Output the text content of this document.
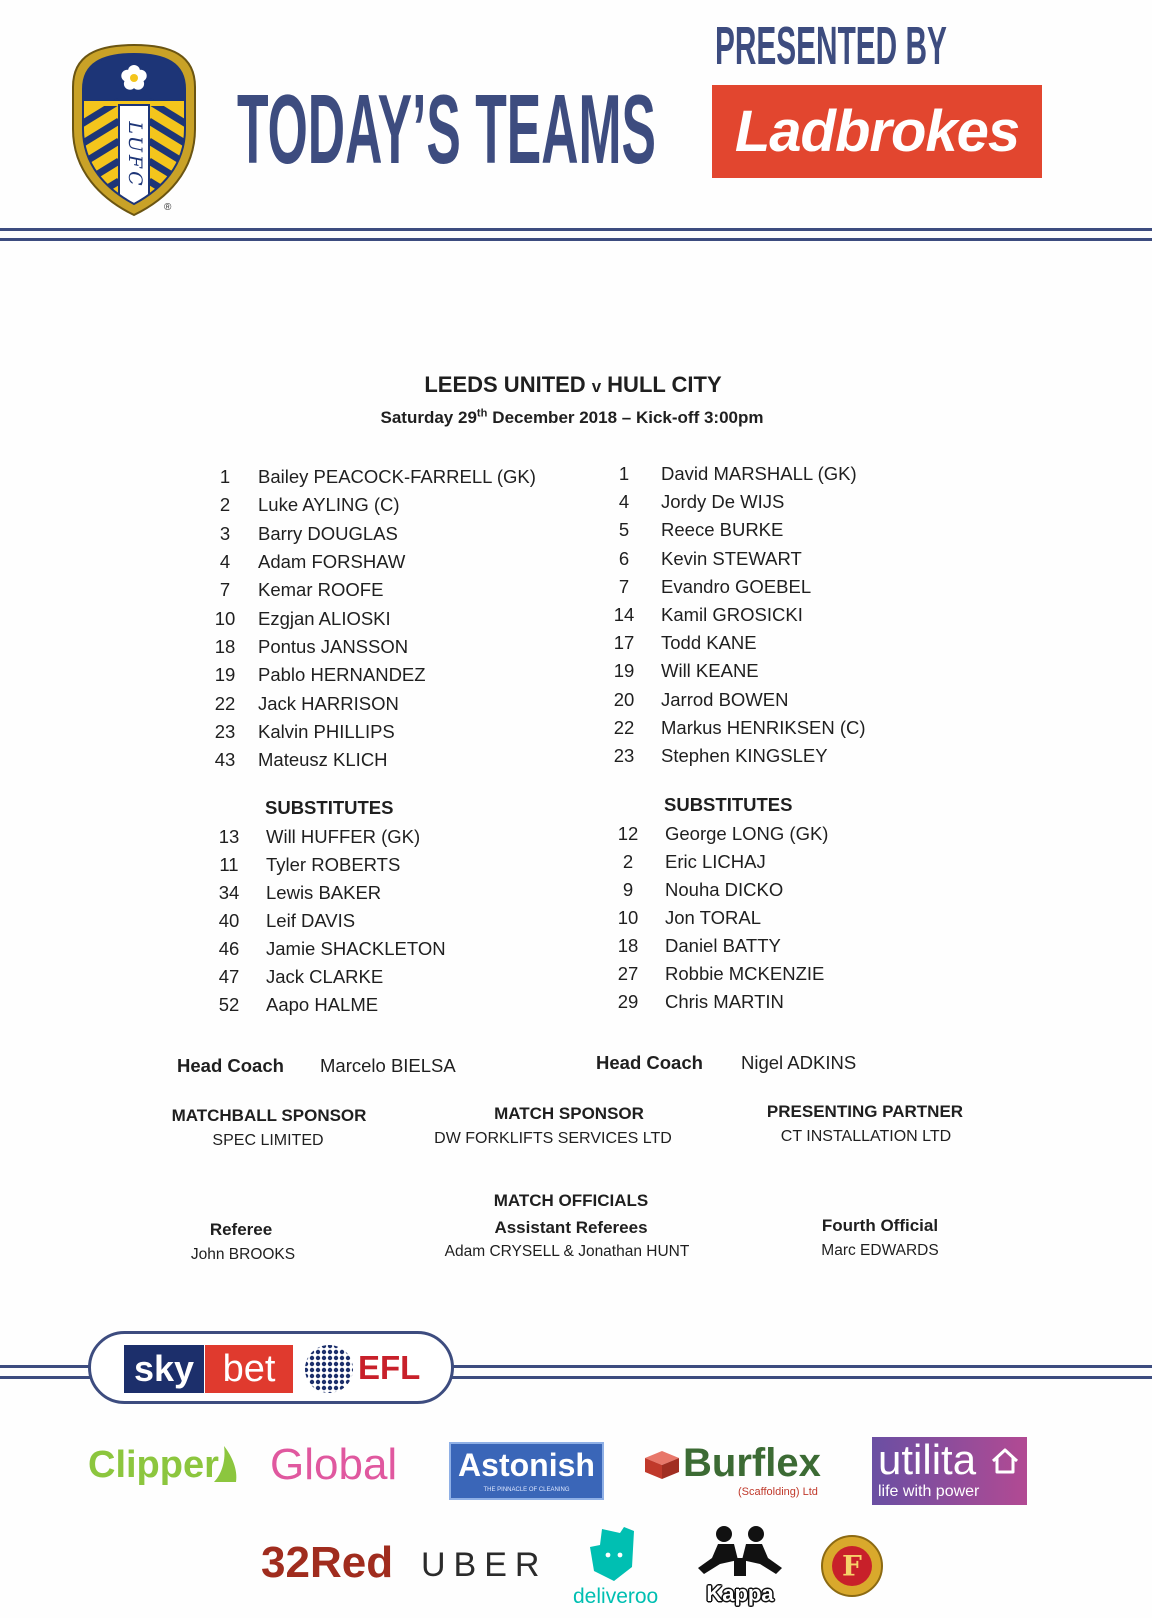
LUFC
®
TODAY’S TEAMS
PRESENTED BY
Ladbrokes
LEEDS UNITED v HULL CITY
Saturday 29th December 2018 – Kick-off 3:00pm
1	Bailey PEACOCK-FARRELL (GK)
2	Luke AYLING (C)
3	Barry DOUGLAS
4	Adam FORSHAW
7	Kemar ROOFE
10	Ezgjan ALIOSKI
18	Pontus JANSSON
19	Pablo HERNANDEZ
22	Jack HARRISON
23	Kalvin PHILLIPS
43	Mateusz KLICH
1	David MARSHALL (GK)
4	Jordy De WIJS
5	Reece BURKE
6	Kevin STEWART
7	Evandro GOEBEL
14	Kamil GROSICKI
17	Todd KANE
19	Will KEANE
20	Jarrod BOWEN
22	Markus HENRIKSEN (C)
23	Stephen KINGSLEY
SUBSTITUTES	SUBSTITUTES
13	Will HUFFER (GK)
11	Tyler ROBERTS
34	Lewis BAKER
40	Leif DAVIS
46	Jamie SHACKLETON
47	Jack CLARKE
52	Aapo HALME
12	George LONG (GK)
2	Eric LICHAJ
9	Nouha DICKO
10	Jon TORAL
18	Daniel BATTY
27	Robbie MCKENZIE
29	Chris MARTIN
Head Coach Marcelo BIELSA	Head Coach Nigel ADKINS
MATCHBALL SPONSOR
SPEC LIMITED
MATCH SPONSOR
DW FORKLIFTS SERVICES LTD
PRESENTING PARTNER
CT INSTALLATION LTD
MATCH OFFICIALS
Assistant Referees
Adam CRYSELL & Jonathan HUNT
Referee
John BROOKS
Fourth Official
Marc EDWARDS
sky bet	EFL
Clipper Global Astonish
THE PINNACLE OF CLEANING
Burflex
(Scaffolding) Ltd
utilita
life with power
32Red UBER
deliveroo	Kappa
F
